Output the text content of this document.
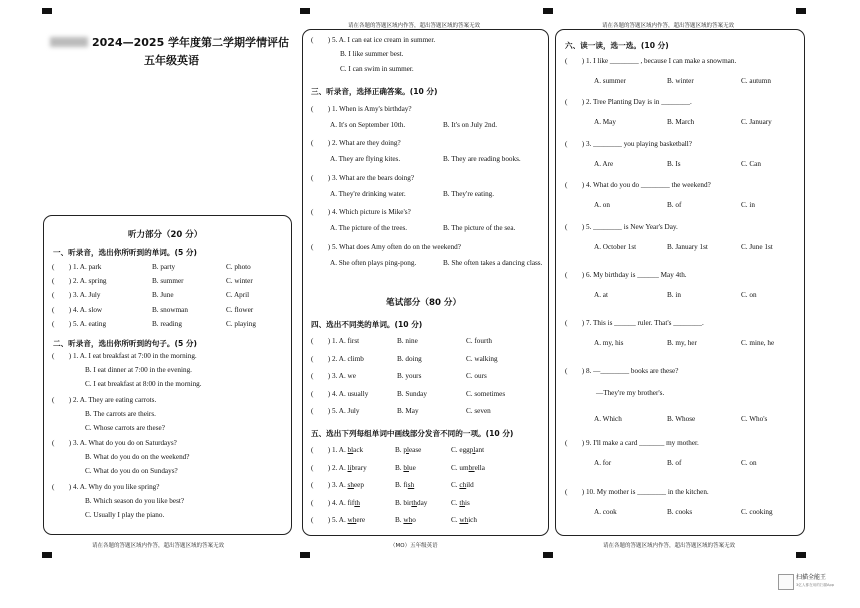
请在各题的答题区域内作答，超出答题区域的答案无效	请在各题的答题区域内作答，超出答题区域的答案无效
请在各题的答题区域内作答，超出答题区域的答案无效	（MO）五年级英语	请在各题的答题区域内作答，超出答题区域的答案无效
2024—2025 学年度第二学期学情评估
五年级英语
听力部分（20 分）
一、听录音，选出你所听到的单词。(5 分)
(　　) 1. A. park	B. party	C. photo
(　　) 2. A. spring	B. summer	C. winter
(　　) 3. A. July	B. June	C. April
(　　) 4. A. slow	B. snowman	C. flower
(　　) 5. A. eating	B. reading	C. playing
二、听录音，选出你所听到的句子。(5 分)
(　　) 1. A. I eat breakfast at 7:00 in the morning.
B. I eat dinner at 7:00 in the evening.
C. I eat breakfast at 8:00 in the morning.
(　　) 2. A. They are eating carrots.
B. The carrots are theirs.
C. Whose carrots are these?
(　　) 3. A. What do you do on Saturdays?
B. What do you do on the weekend?
C. What do you do on Sundays?
(　　) 4. A. Why do you like spring?
B. Which season do you like best?
C. Usually I play the piano.
(　　) 5. A. I can eat ice cream in summer.
B. I like summer best.
C. I can swim in summer.
三、听录音，选择正确答案。(10 分)
(　　) 1. When is Amy's birthday?
A. It's on September 10th.	B. It's on July 2nd.
(　　) 2. What are they doing?
A. They are flying kites.	B. They are reading books.
(　　) 3. What are the bears doing?
A. They're drinking water.	B. They're eating.
(　　) 4. Which picture is Mike's?
A. The picture of the trees.	B. The picture of the sea.
(　　) 5. What does Amy often do on the weekend?
A. She often plays ping-pong.	B. She often takes a dancing class.
笔试部分（80 分）
四、选出不同类的单词。(10 分)
(　　) 1. A. first	B. nine	C. fourth
(　　) 2. A. climb	B. doing	C. walking
(　　) 3. A. we	B. yours	C. ours
(　　) 4. A. usually	B. Sunday	C. sometimes
(　　) 5. A. July	B. May	C. seven
五、选出下列每组单词中画线部分发音不同的一项。(10 分)
(　　) 1. A. black	B. please	C. eggplant
(　　) 2. A. library	B. blue	C. umbrella
(　　) 3. A. sheep	B. fish	C. child
(　　) 4. A. fifth	B. birthday	C. this
(　　) 5. A. where	B. who	C. which
六、读一读，选一选。(10 分)
(　　) 1. I like ________ , because I can make a snowman.
A. summer	B. winter	C. autumn
(　　) 2. Tree Planting Day is in ________.
A. May	B. March	C. January
(　　) 3. ________ you playing basketball?
A. Are	B. Is	C. Can
(　　) 4. What do you do ________ the weekend?
A. on	B. of	C. in
(　　) 5. ________ is New Year's Day.
A. October 1st	B. January 1st	C. June 1st
(　　) 6. My birthday is ______ May 4th.
A. at	B. in	C. on
(　　) 7. This is ______ ruler. That's ________.
A. my, his	B. my, her	C. mine, he
(　　) 8. —________ books are these?
—They're my brother's.
A. Which	B. Whose	C. Who's
(　　) 9. I'll make a card _______ my mother.
A. for	B. of	C. on
(　　) 10. My mother is ________ in the kitchen.
A. cook	B. cooks	C. cooking
扫描全能王
3亿人都在用的扫描App
